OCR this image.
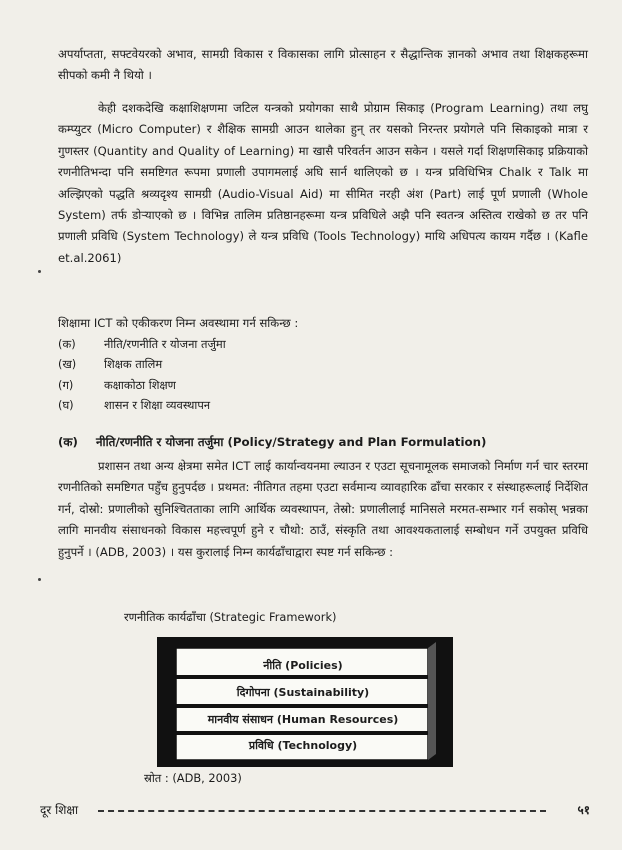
अपर्याप्तता, सफ्टवेयरको अभाव, सामग्री विकास र विकासका लागि प्रोत्साहन र सैद्धान्तिक ज्ञानको अभाव तथा शिक्षकहरूमा सीपको कमी नै थियो ।

केही दशकदेखि कक्षाशिक्षणमा जटिल यन्त्रको प्रयोगका साथै प्रोग्राम सिकाइ (Program Learning) तथा लघु कम्प्युटर (Micro Computer) र शैक्षिक सामग्री आउन थालेका हुन् तर यसको निरन्तर प्रयोगले पनि सिकाइको मात्रा र गुणस्तर (Quantity and Quality of Learning) मा खासै परिवर्तन आउन सकेन । यसले गर्दा शिक्षणसिकाइ प्रक्रियाको रणनीतिभन्दा पनि समष्टिगत रूपमा प्रणाली उपागमलाई अघि सार्न थालिएको छ । यन्त्र प्रविधिभित्र Chalk र Talk मा अल्झिएको पद्धति श्रव्यदृश्य सामग्री (Audio-Visual Aid) मा सीमित नरही अंश (Part) लाई पूर्ण प्रणाली (Whole System) तर्फ डोऱ्याएको छ । विभिन्न तालिम प्रतिष्ठानहरूमा यन्त्र प्रविधिले अझै पनि स्वतन्त्र अस्तित्व राखेको छ तर पनि प्रणाली प्रविधि (System Technology) ले यन्त्र प्रविधि (Tools Technology) माथि अधिपत्य कायम गर्दैछ । (Kafle et.al.2061)

शिक्षामा ICT को एकीकरण निम्न अवस्थामा गर्न सकिन्छ :

(क) नीति/रणनीति र योजना तर्जुमा
(ख) शिक्षक तालिम
(ग)	कक्षाकोठा शिक्षण
(घ)	शासन र शिक्षा व्यवस्थापन

(क) नीति/रणनीति र योजना तर्जुमा (Policy/Strategy and Plan Formulation)

प्रशासन तथा अन्य क्षेत्रमा समेत ICT लाई कार्यान्वयनमा ल्याउन र एउटा सूचनामूलक समाजको निर्माण गर्न चार स्तरमा रणनीतिको समष्टिगत पहुँच हुनुपर्दछ । प्रथमत: नीतिगत तहमा एउटा सर्वमान्य व्यावहारिक ढाँचा सरकार र संस्थाहरूलाई निर्देशित गर्न, दोस्रो: प्रणालीको सुनिश्चितताका लागि आर्थिक व्यवस्थापन, तेस्रो: प्रणालीलाई मानिसले मरमत-सम्भार गर्न सकोस् भन्नका लागि मानवीय संसाधनको विकास महत्त्वपूर्ण हुने र चौथो: ठाउँ, संस्कृति तथा आवश्यकतालाई सम्बोधन गर्ने उपयुक्त प्रविधि हुनुपर्ने । (ADB, 2003) । यस कुरालाई निम्न कार्यढाँचाद्वारा स्पष्ट गर्न सकिन्छ :

रणनीतिक कार्यढाँचा (Strategic Framework)

नीति (Policies)
दिगोपना (Sustainability)
मानवीय संसाधन (Human Resources)
प्रविधि (Technology)

स्रोत : (ADB, 2003)

दूर शिक्षा	५१
